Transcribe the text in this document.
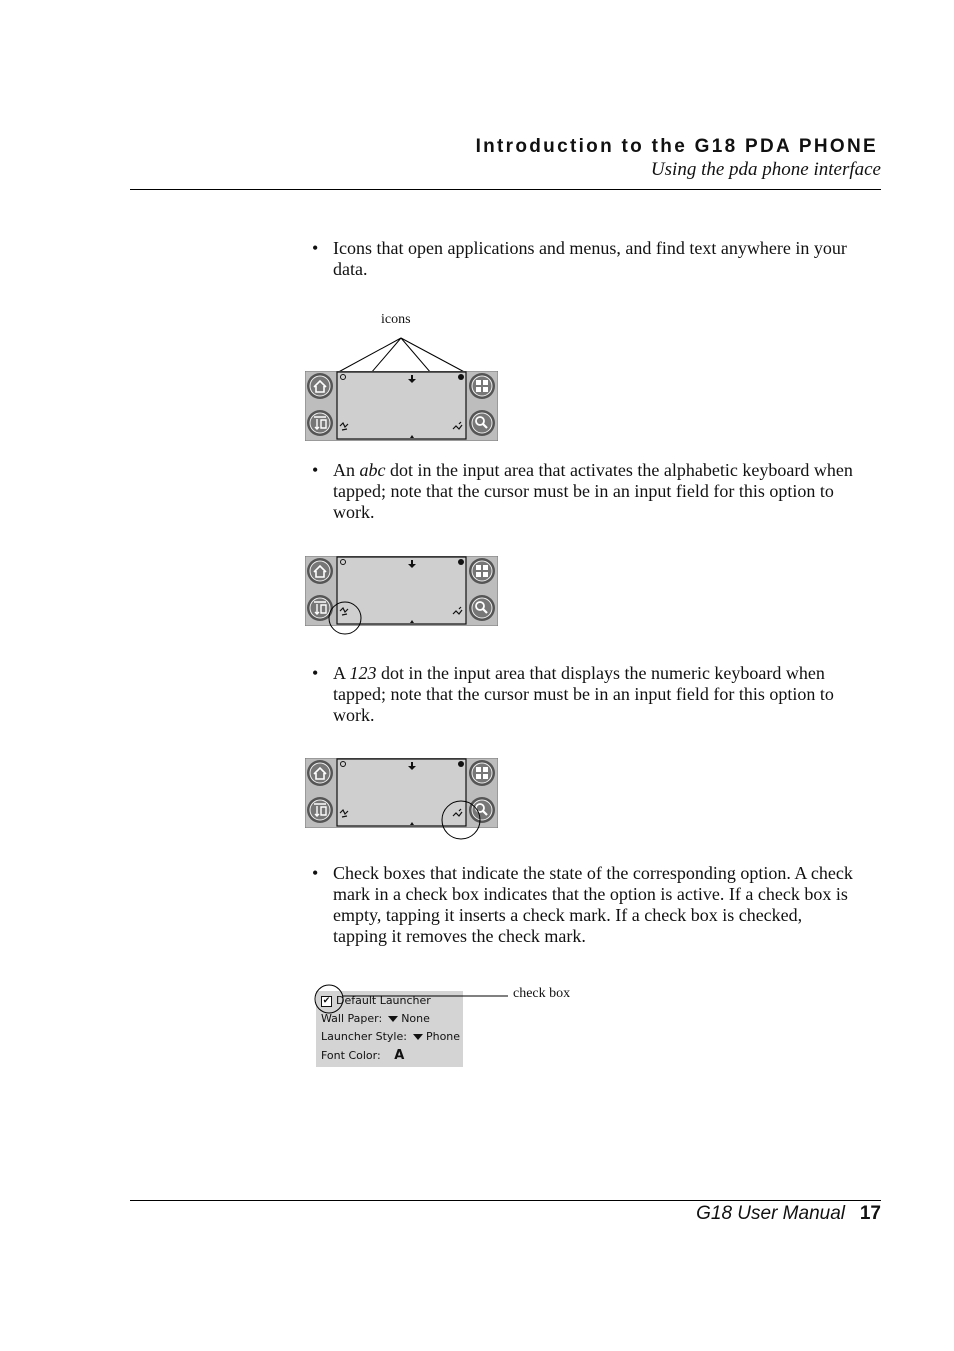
Introduction to the G18 PDA PHONE
Using the pda phone interface
• Icons that open applications and menus, and find text anywhere in your data.
icons
• An abc dot in the input area that activates the alphabetic keyboard when tapped; note that the cursor must be in an input field for this option to work.
• A 123 dot in the input area that displays the numeric keyboard when tapped; note that the cursor must be in an input field for this option to work.
• Check boxes that indicate the state of the corresponding option. A check mark in a check box indicates that the option is active. If a check box is empty, tapping it inserts a check mark. If a check box is checked, tapping it removes the check mark.
✔ Default Launcher
Wall Paper: None
Launcher Style: Phone
Font Color: A
check box
G18 User Manual 17
